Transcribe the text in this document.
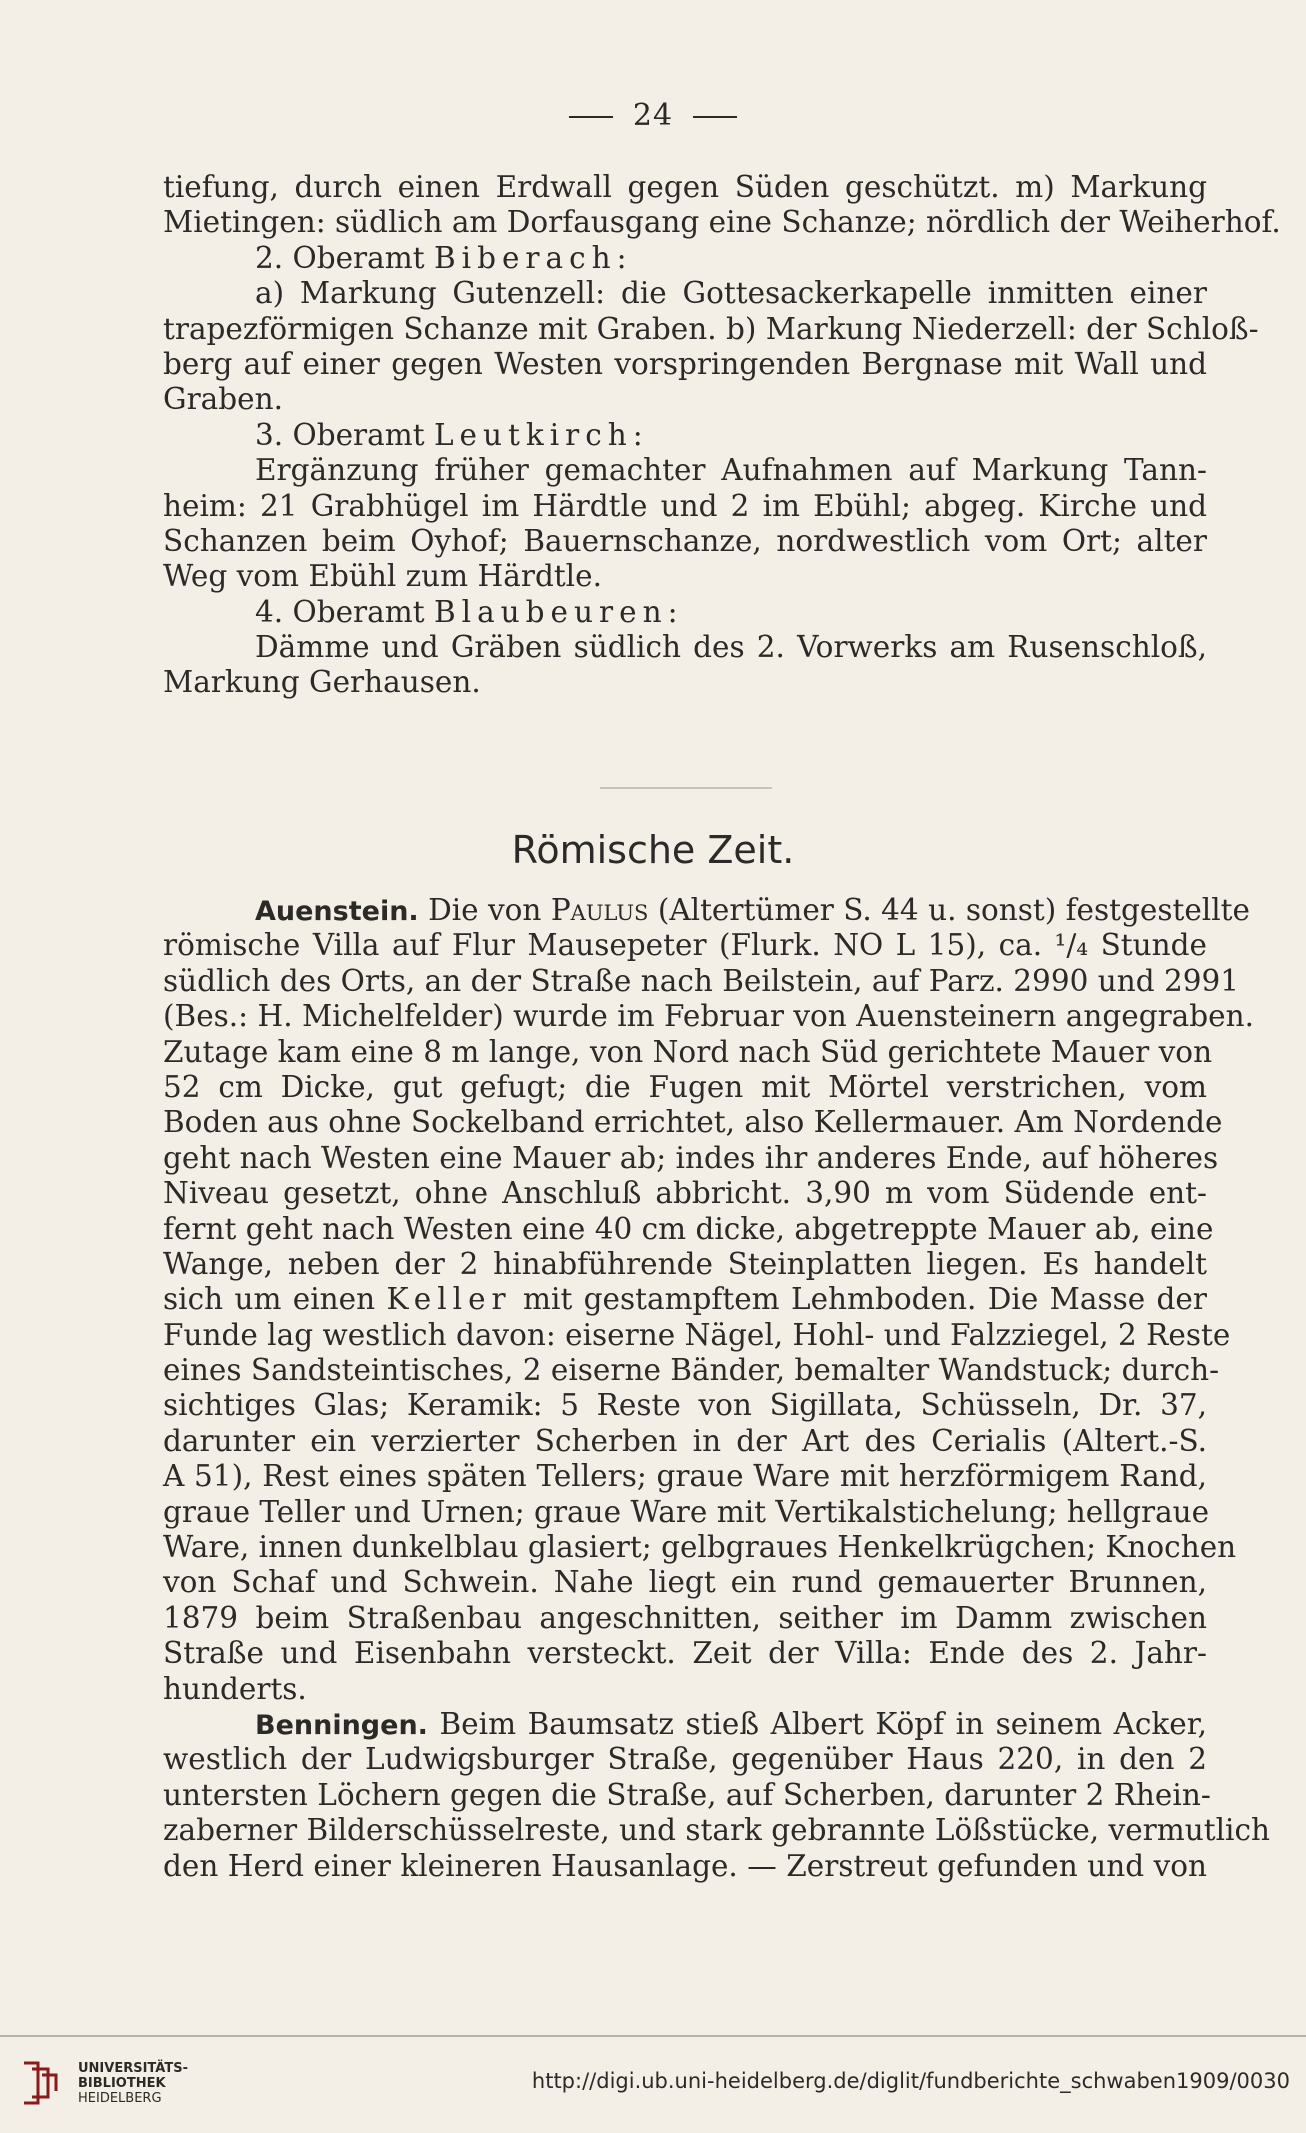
24
tiefung, durch einen Erdwall gegen Süden geschützt. m) Markung
Mietingen: südlich am Dorfausgang eine Schanze; nördlich der Weiherhof.
2. Oberamt Biberach:
a) Markung Gutenzell: die Gottesackerkapelle inmitten einer
trapezförmigen Schanze mit Graben. b) Markung Niederzell: der Schloß-
berg auf einer gegen Westen vorspringenden Bergnase mit Wall und
Graben.
3. Oberamt Leutkirch:
Ergänzung früher gemachter Aufnahmen auf Markung Tann-
heim: 21 Grabhügel im Härdtle und 2 im Ebühl; abgeg. Kirche und
Schanzen beim Oyhof; Bauernschanze, nordwestlich vom Ort; alter
Weg vom Ebühl zum Härdtle.
4. Oberamt Blaubeuren:
Dämme und Gräben südlich des 2. Vorwerks am Rusenschloß,
Markung Gerhausen.
Römische Zeit.
Auenstein. Die von Paulus (Altertümer S. 44 u. sonst) festgestellte
römische Villa auf Flur Mausepeter (Flurk. NO L 15), ca. ¹/₄ Stunde
südlich des Orts, an der Straße nach Beilstein, auf Parz. 2990 und 2991
(Bes.: H. Michelfelder) wurde im Februar von Auensteinern angegraben.
Zutage kam eine 8 m lange, von Nord nach Süd gerichtete Mauer von
52 cm Dicke, gut gefugt; die Fugen mit Mörtel verstrichen, vom
Boden aus ohne Sockelband errichtet, also Kellermauer. Am Nordende
geht nach Westen eine Mauer ab; indes ihr anderes Ende, auf höheres
Niveau gesetzt, ohne Anschluß abbricht. 3,90 m vom Südende ent-
fernt geht nach Westen eine 40 cm dicke, abgetreppte Mauer ab, eine
Wange, neben der 2 hinabführende Steinplatten liegen. Es handelt
sich um einen Keller mit gestampftem Lehmboden. Die Masse der
Funde lag westlich davon: eiserne Nägel, Hohl- und Falzziegel, 2 Reste
eines Sandsteintisches, 2 eiserne Bänder, bemalter Wandstuck; durch-
sichtiges Glas; Keramik: 5 Reste von Sigillata, Schüsseln, Dr. 37,
darunter ein verzierter Scherben in der Art des Cerialis (Altert.-S.
A 51), Rest eines späten Tellers; graue Ware mit herzförmigem Rand,
graue Teller und Urnen; graue Ware mit Vertikalstichelung; hellgraue
Ware, innen dunkelblau glasiert; gelbgraues Henkelkrügchen; Knochen
von Schaf und Schwein. Nahe liegt ein rund gemauerter Brunnen,
1879 beim Straßenbau angeschnitten, seither im Damm zwischen
Straße und Eisenbahn versteckt. Zeit der Villa: Ende des 2. Jahr-
hunderts.
Benningen. Beim Baumsatz stieß Albert Köpf in seinem Acker,
westlich der Ludwigsburger Straße, gegenüber Haus 220, in den 2
untersten Löchern gegen die Straße, auf Scherben, darunter 2 Rhein-
zaberner Bilderschüsselreste, und stark gebrannte Lößstücke, vermutlich
den Herd einer kleineren Hausanlage. — Zerstreut gefunden und von
UNIVERSITÄTS-
BIBLIOTHEK
HEIDELBERG
http://digi.ub.uni-heidelberg.de/diglit/fundberichte_schwaben1909/0030
